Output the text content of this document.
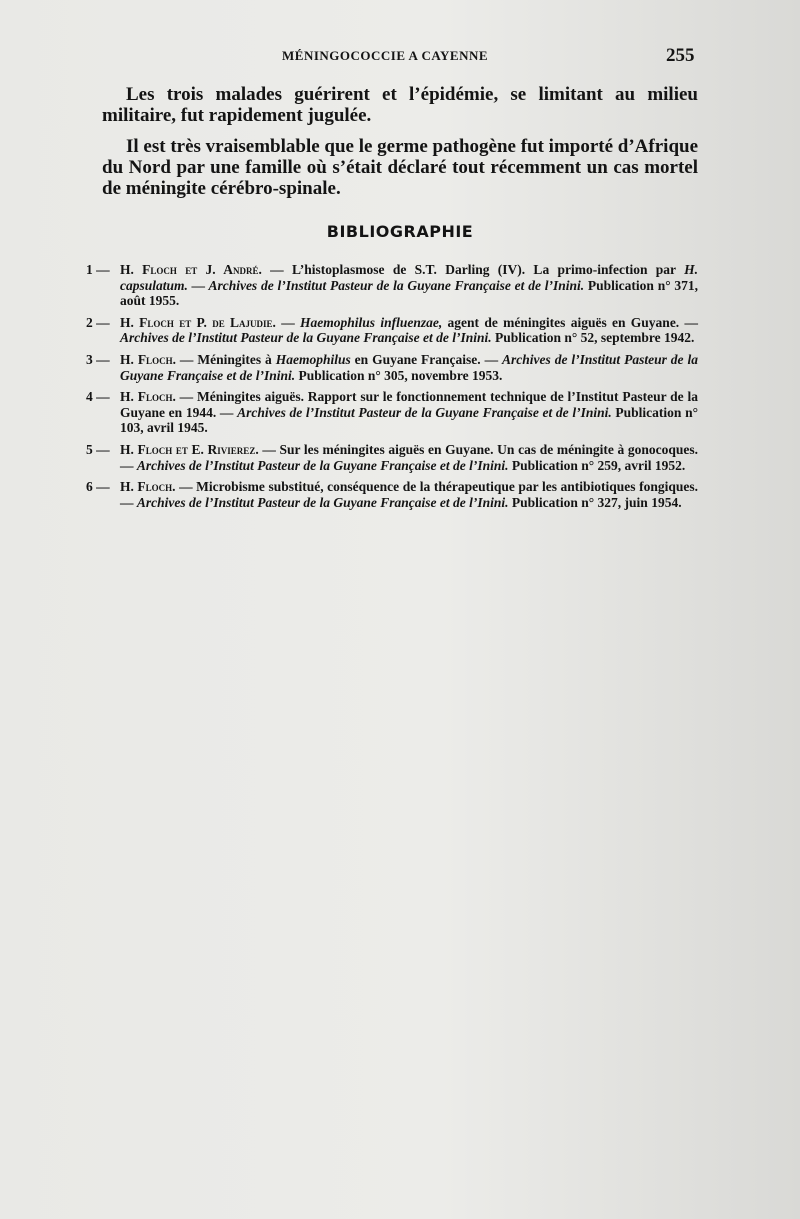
MÉNINGOCOCCIE A CAYENNE	255

Les trois malades guérirent et l’épidémie, se limitant au milieu militaire, fut rapidement jugulée.

Il est très vraisemblable que le germe pathogène fut importé d’Afrique du Nord par une famille où s’était déclaré tout récemment un cas mortel de méningite cérébro-spinale.

BIBLIOGRAPHIE
1 — H. Floch et J. André. — L’histoplasmose de S.T. Darling (IV). La primo-infection par H. capsulatum. — Archives de l’Institut Pasteur de la Guyane Française et de l’Inini. Publication n° 371, août 1955.
2 — H. Floch et P. de Lajudie. — Haemophilus influenzae, agent de méningites aiguës en Guyane. — Archives de l’Institut Pasteur de la Guyane Française et de l’Inini. Publication n° 52, septembre 1942.
3 — H. Floch. — Méningites à Haemophilus en Guyane Française. — Archives de l’Institut Pasteur de la Guyane Française et de l’Inini. Publication n° 305, novembre 1953.
4 — H. Floch. — Méningites aiguës. Rapport sur le fonctionnement technique de l’Institut Pasteur de la Guyane en 1944. — Archives de l’Institut Pasteur de la Guyane Française et de l’Inini. Publication n° 103, avril 1945.
5 — H. Floch et E. Rivierez. — Sur les méningites aiguës en Guyane. Un cas de méningite à gonocoques. — Archives de l’Institut Pasteur de la Guyane Française et de l’Inini. Publication n° 259, avril 1952.
6 — H. Floch. — Microbisme substitué, conséquence de la thérapeutique par les antibiotiques fongiques. — Archives de l’Institut Pasteur de la Guyane Française et de l’Inini. Publication n° 327, juin 1954.
